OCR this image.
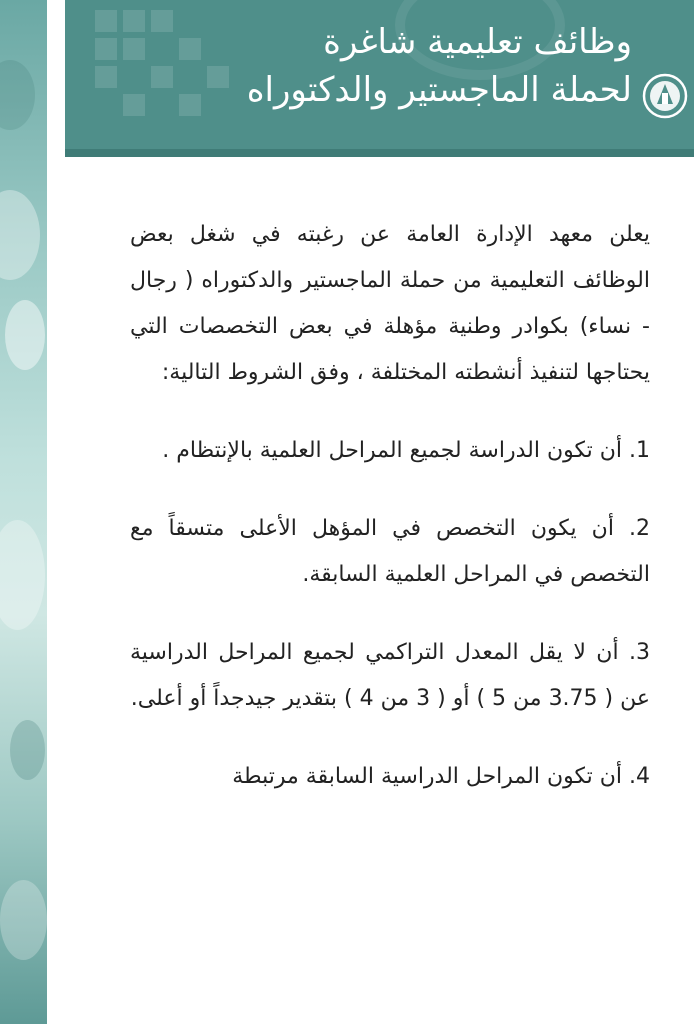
وظائف تعليمية شاغرة
لحملة الماجستير والدكتوراه

يعلن معهد الإدارة العامة عن رغبته في شغل بعض الوظائف التعليمية من حملة الماجستير والدكتوراه ( رجال - نساء) بكوادر وطنية مؤهلة في بعض التخصصات التي يحتاجها لتنفيذ أنشطته المختلفة ، وفق الشروط التالية:

1. أن تكون الدراسة لجميع المراحل العلمية بالإنتظام .

2. أن يكون التخصص في المؤهل الأعلى متسقاً مع التخصص في المراحل العلمية السابقة.

3. أن لا يقل المعدل التراكمي لجميع المراحل الدراسية عن ( 3.75 من 5 ) أو ( 3 من 4 ) بتقدير جيدجداً أو أعلى.

4. أن تكون المراحل الدراسية السابقة مرتبطة
